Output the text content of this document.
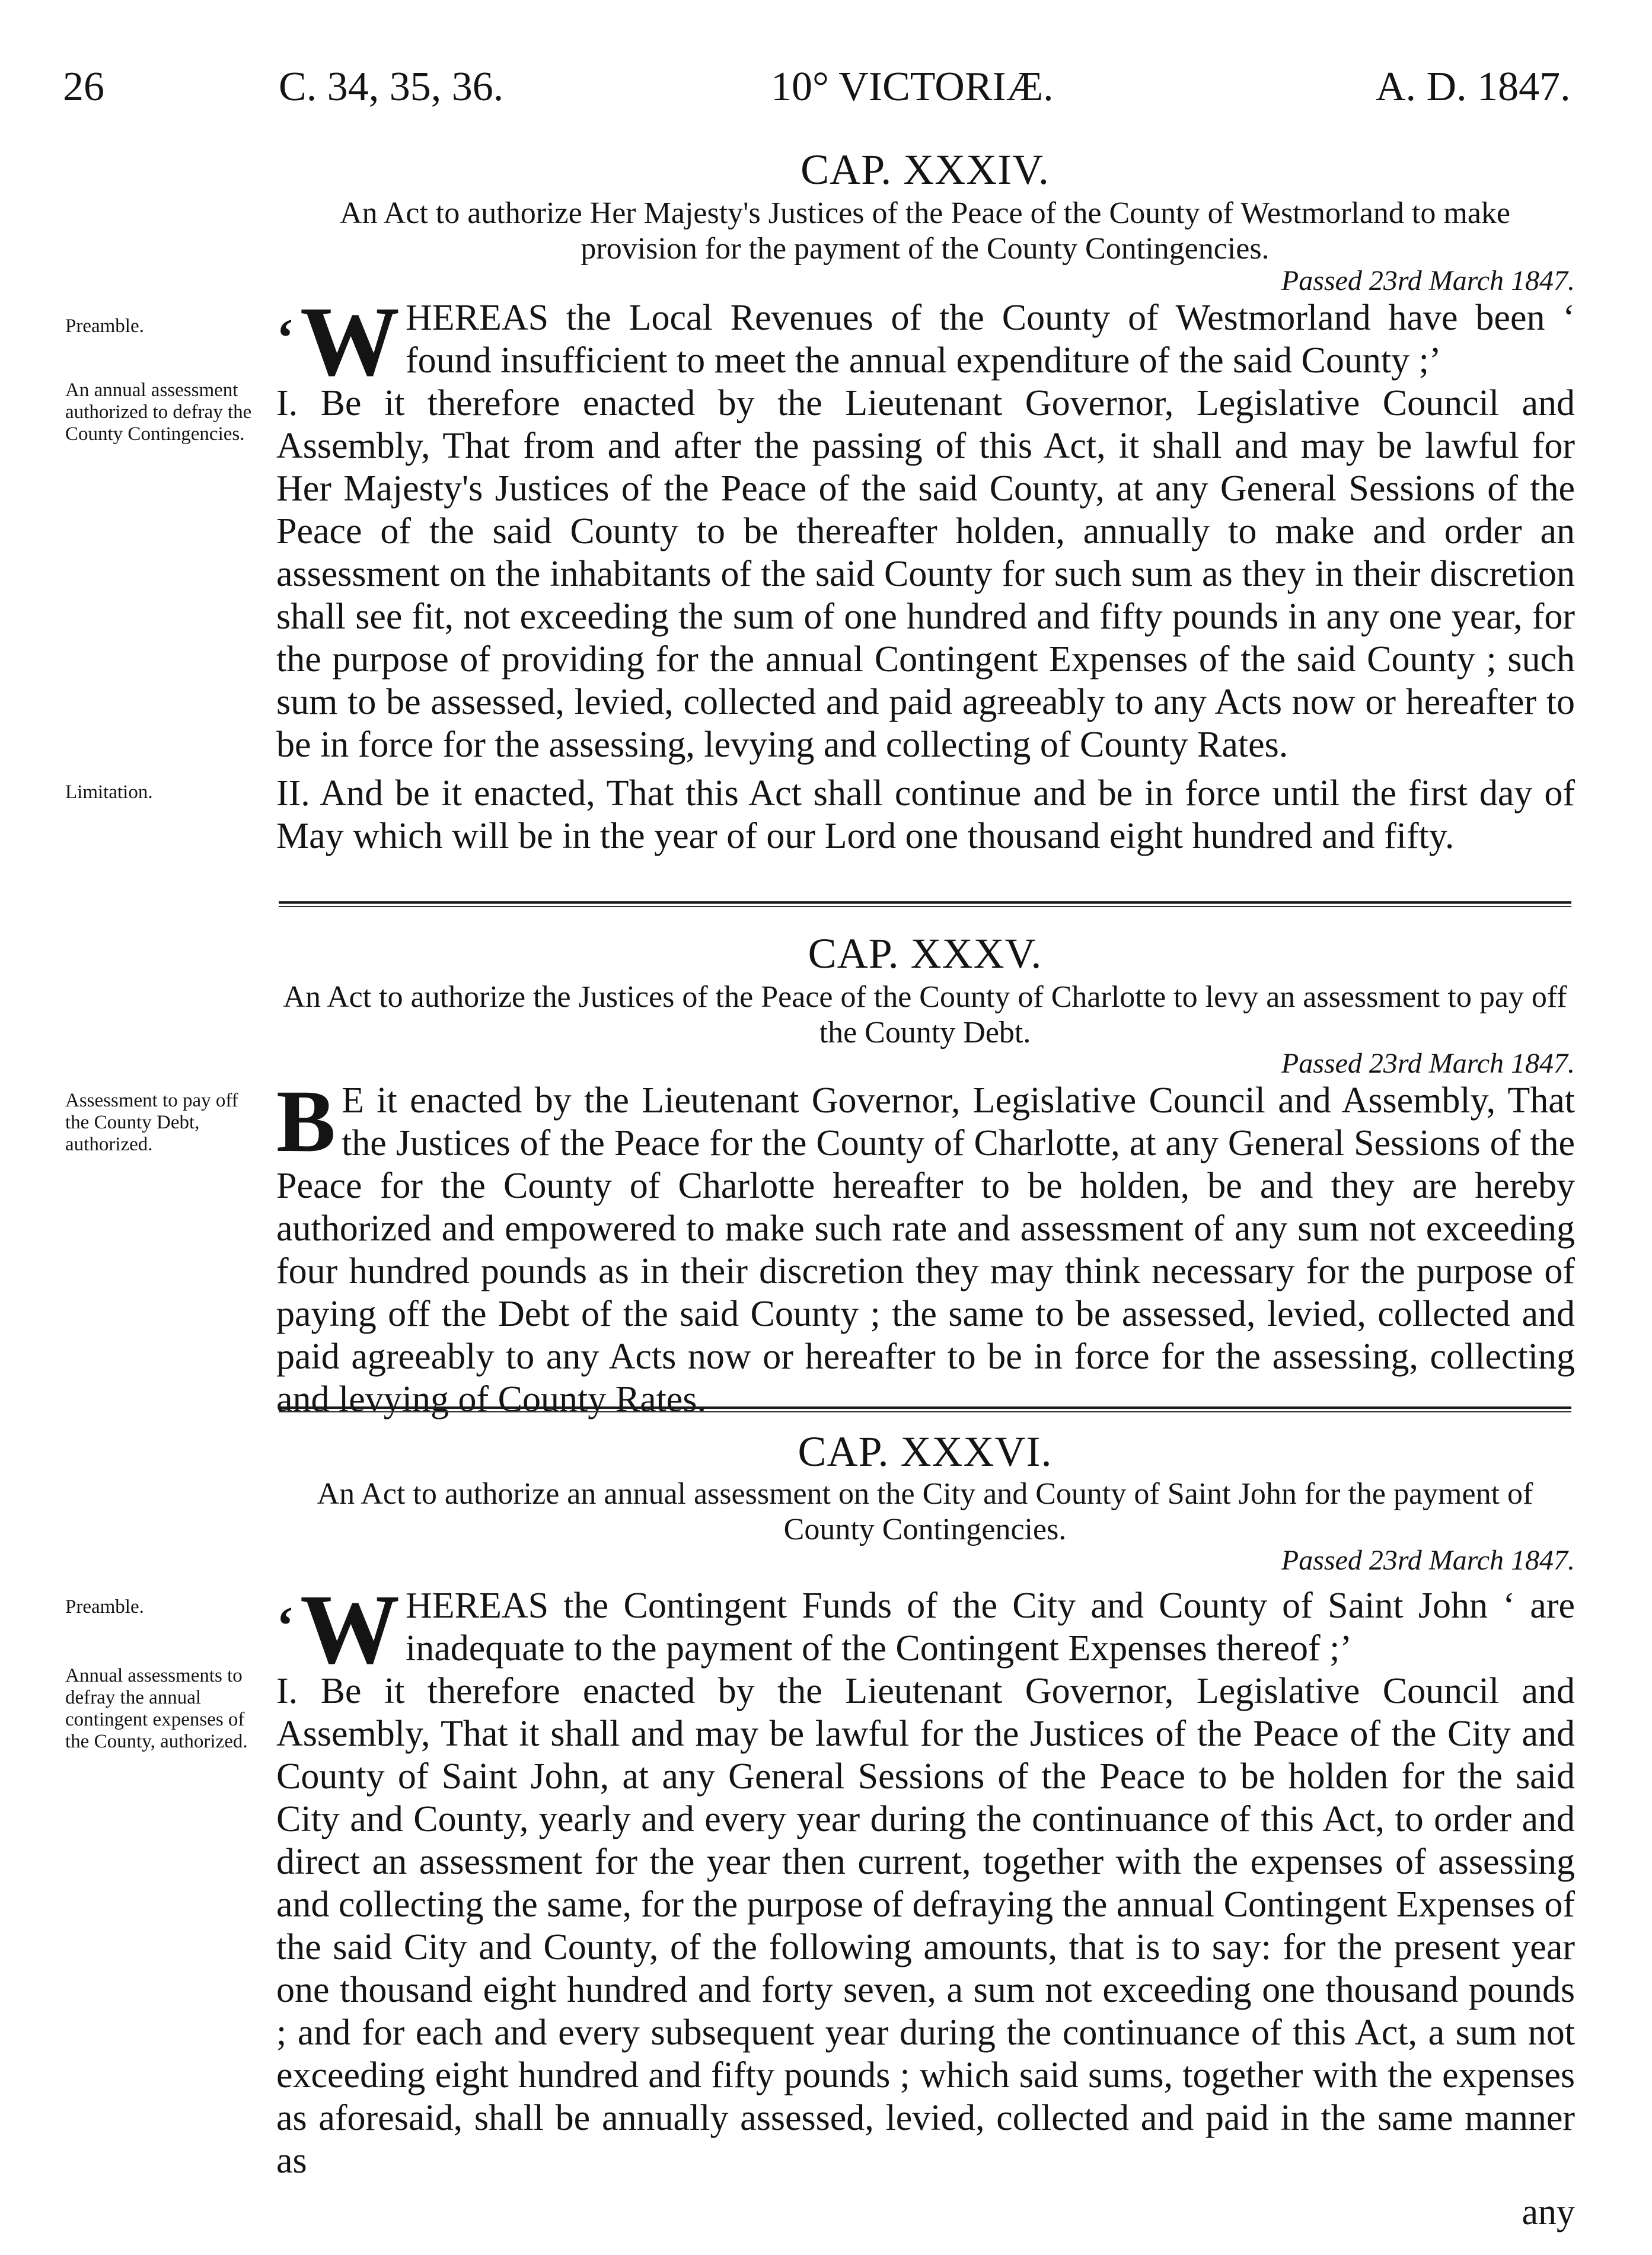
26	C. 34, 35, 36.	10° VICTORIÆ.	A. D. 1847.
CAP. XXXIV.
An Act to authorize Her Majesty's Justices of the Peace of the County of Westmorland to make provision for the payment of the County Contingencies.
Passed 23rd March 1847.
Preamble.
An annual assessment authorized to defray the County Contingencies.
Limitation.
‘ W HEREAS the Local Revenues of the County of Westmorland have been ‘ found insufficient to meet the annual expenditure of the said County ;’
I. Be it therefore enacted by the Lieutenant Governor, Legislative Council and Assembly, That from and after the passing of this Act, it shall and may be lawful for Her Majesty's Justices of the Peace of the said County, at any General Sessions of the Peace of the said County to be thereafter holden, annually to make and order an assessment on the inhabitants of the said County for such sum as they in their discretion shall see fit, not exceeding the sum of one hundred and fifty pounds in any one year, for the purpose of providing for the annual Contingent Expenses of the said County ; such sum to be assessed, levied, collected and paid agreeably to any Acts now or hereafter to be in force for the assessing, levying and collecting of County Rates.
II. And be it enacted, That this Act shall continue and be in force until the first day of May which will be in the year of our Lord one thousand eight hundred and fifty.
CAP. XXXV.
An Act to authorize the Justices of the Peace of the County of Charlotte to levy an assessment to pay off the County Debt.
Passed 23rd March 1847.
Assessment to pay off the County Debt, authorized.	B E it enacted by the Lieutenant Governor, Legislative Council and Assembly, That the Justices of the Peace for the County of Charlotte, at any General Sessions of the Peace for the County of Charlotte hereafter to be holden, be and they are hereby authorized and empowered to make such rate and assessment of any sum not exceeding four hundred pounds as in their discretion they may think necessary for the purpose of paying off the Debt of the said County ; the same to be assessed, levied, collected and paid agreeably to any Acts now or hereafter to be in force for the assessing, collecting and levying of County Rates.
CAP. XXXVI.
An Act to authorize an annual assessment on the City and County of Saint John for the payment of County Contingencies.
Passed 23rd March 1847.
Preamble.
Annual assessments to defray the annual contingent expenses of the County, authorized.
‘ W HEREAS the Contingent Funds of the City and County of Saint John ‘ are inadequate to the payment of the Contingent Expenses thereof ;’
I. Be it therefore enacted by the Lieutenant Governor, Legislative Council and Assembly, That it shall and may be lawful for the Justices of the Peace of the City and County of Saint John, at any General Sessions of the Peace to be holden for the said City and County, yearly and every year during the continuance of this Act, to order and direct an assessment for the year then current, together with the expenses of assessing and collecting the same, for the purpose of defraying the annual Contingent Expenses of the said City and County, of the following amounts, that is to say: for the present year one thousand eight hundred and forty seven, a sum not exceeding one thousand pounds ; and for each and every subsequent year during the continuance of this Act, a sum not exceeding eight hundred and fifty pounds ; which said sums, together with the expenses as aforesaid, shall be annually assessed, levied, collected and paid in the same manner as
any
